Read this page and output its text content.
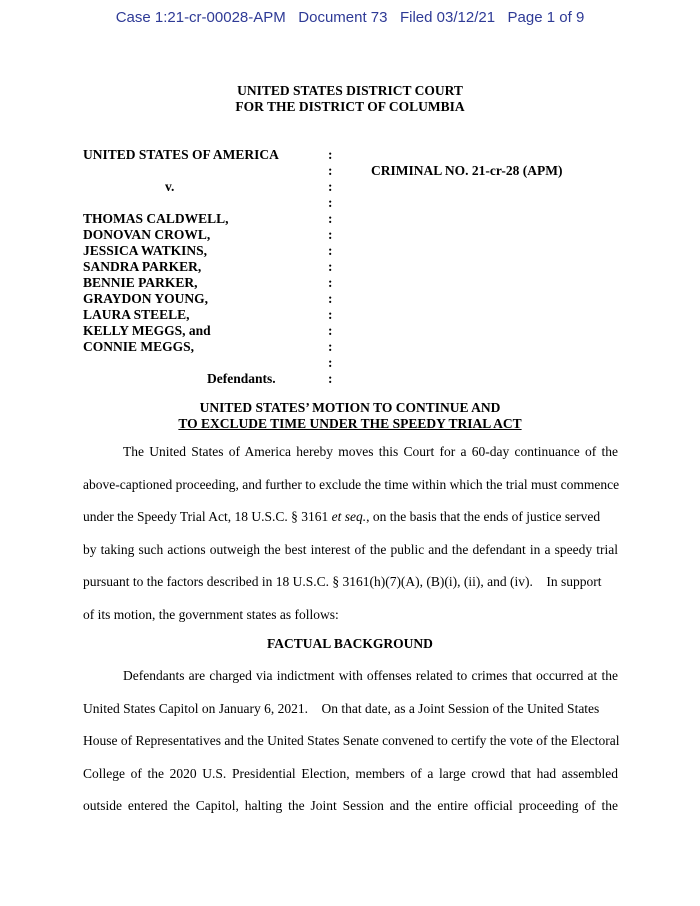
Case 1:21-cr-00028-APM   Document 73   Filed 03/12/21   Page 1 of 9
UNITED STATES DISTRICT COURT
FOR THE DISTRICT OF COLUMBIA
UNITED STATES OF AMERICA
v.
THOMAS CALDWELL,
DONOVAN CROWL,
JESSICA WATKINS,
SANDRA PARKER,
BENNIE PARKER,
GRAYDON YOUNG,
LAURA STEELE,
KELLY MEGGS, and
CONNIE MEGGS,
Defendants.
:
:
:
:
:
:
:
:
:
:
:
:
:
:
:
CRIMINAL NO. 21-cr-28 (APM)
UNITED STATES’ MOTION TO CONTINUE AND
TO EXCLUDE TIME UNDER THE SPEEDY TRIAL ACT
The United States of America hereby moves this Court for a 60-day continuance of the
above-captioned proceeding, and further to exclude the time within which the trial must commence
under the Speedy Trial Act, 18 U.S.C. § 3161 et seq., on the basis that the ends of justice served
by taking such actions outweigh the best interest of the public and the defendant in a speedy trial
pursuant to the factors described in 18 U.S.C. § 3161(h)(7)(A), (B)(i), (ii), and (iv).    In support
of its motion, the government states as follows:
FACTUAL BACKGROUND
Defendants are charged via indictment with offenses related to crimes that occurred at the
United States Capitol on January 6, 2021.    On that date, as a Joint Session of the United States
House of Representatives and the United States Senate convened to certify the vote of the Electoral
College of the 2020 U.S. Presidential Election, members of a large crowd that had assembled
outside entered the Capitol, halting the Joint Session and the entire official proceeding of the
